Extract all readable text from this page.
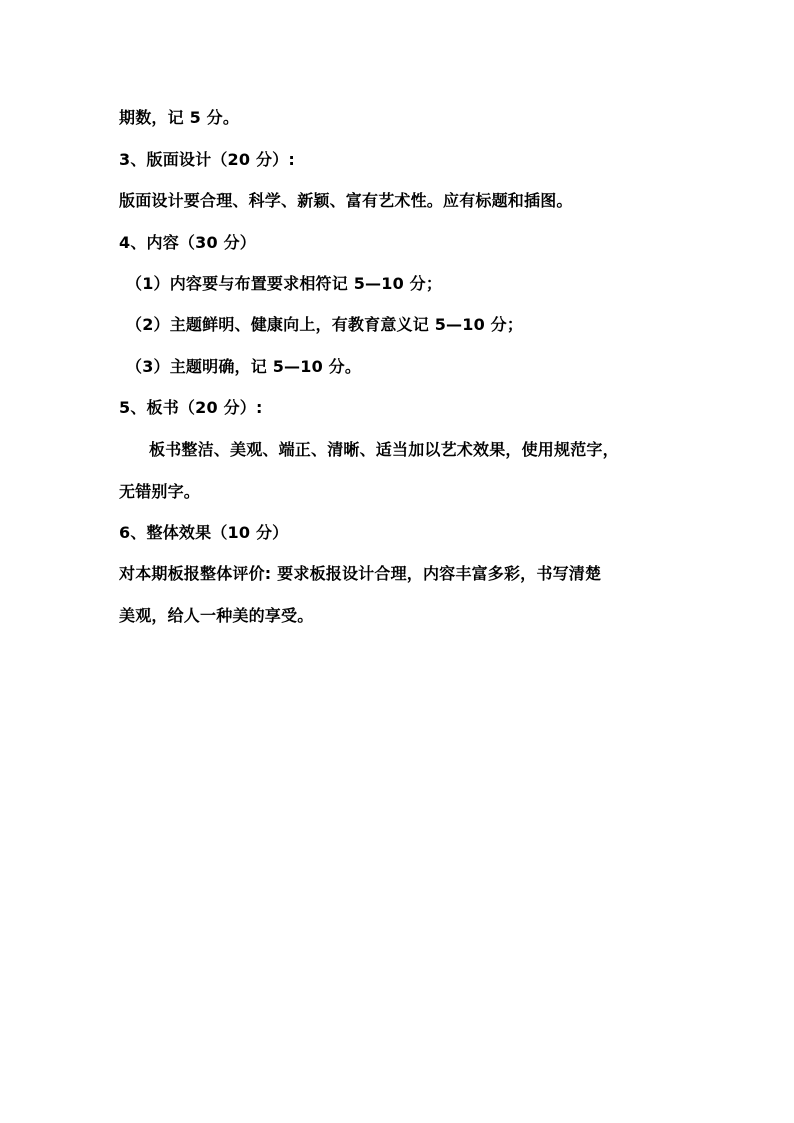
期数，记 5 分。
3、版面设计（20 分）:
版面设计要合理、科学、新颖、富有艺术性。应有标题和插图。
4、内容（30 分）
（1）内容要与布置要求相符记 5—10 分；
（2）主题鲜明、健康向上，有教育意义记 5—10 分；
（3）主题明确，记 5—10 分。
5、板书（20 分）:
板书整洁、美观、端正、清晰、适当加以艺术效果，使用规范字，
无错别字。
6、整体效果（10 分）
对本期板报整体评价: 要求板报设计合理，内容丰富多彩，书写清楚
美观，给人一种美的享受。
